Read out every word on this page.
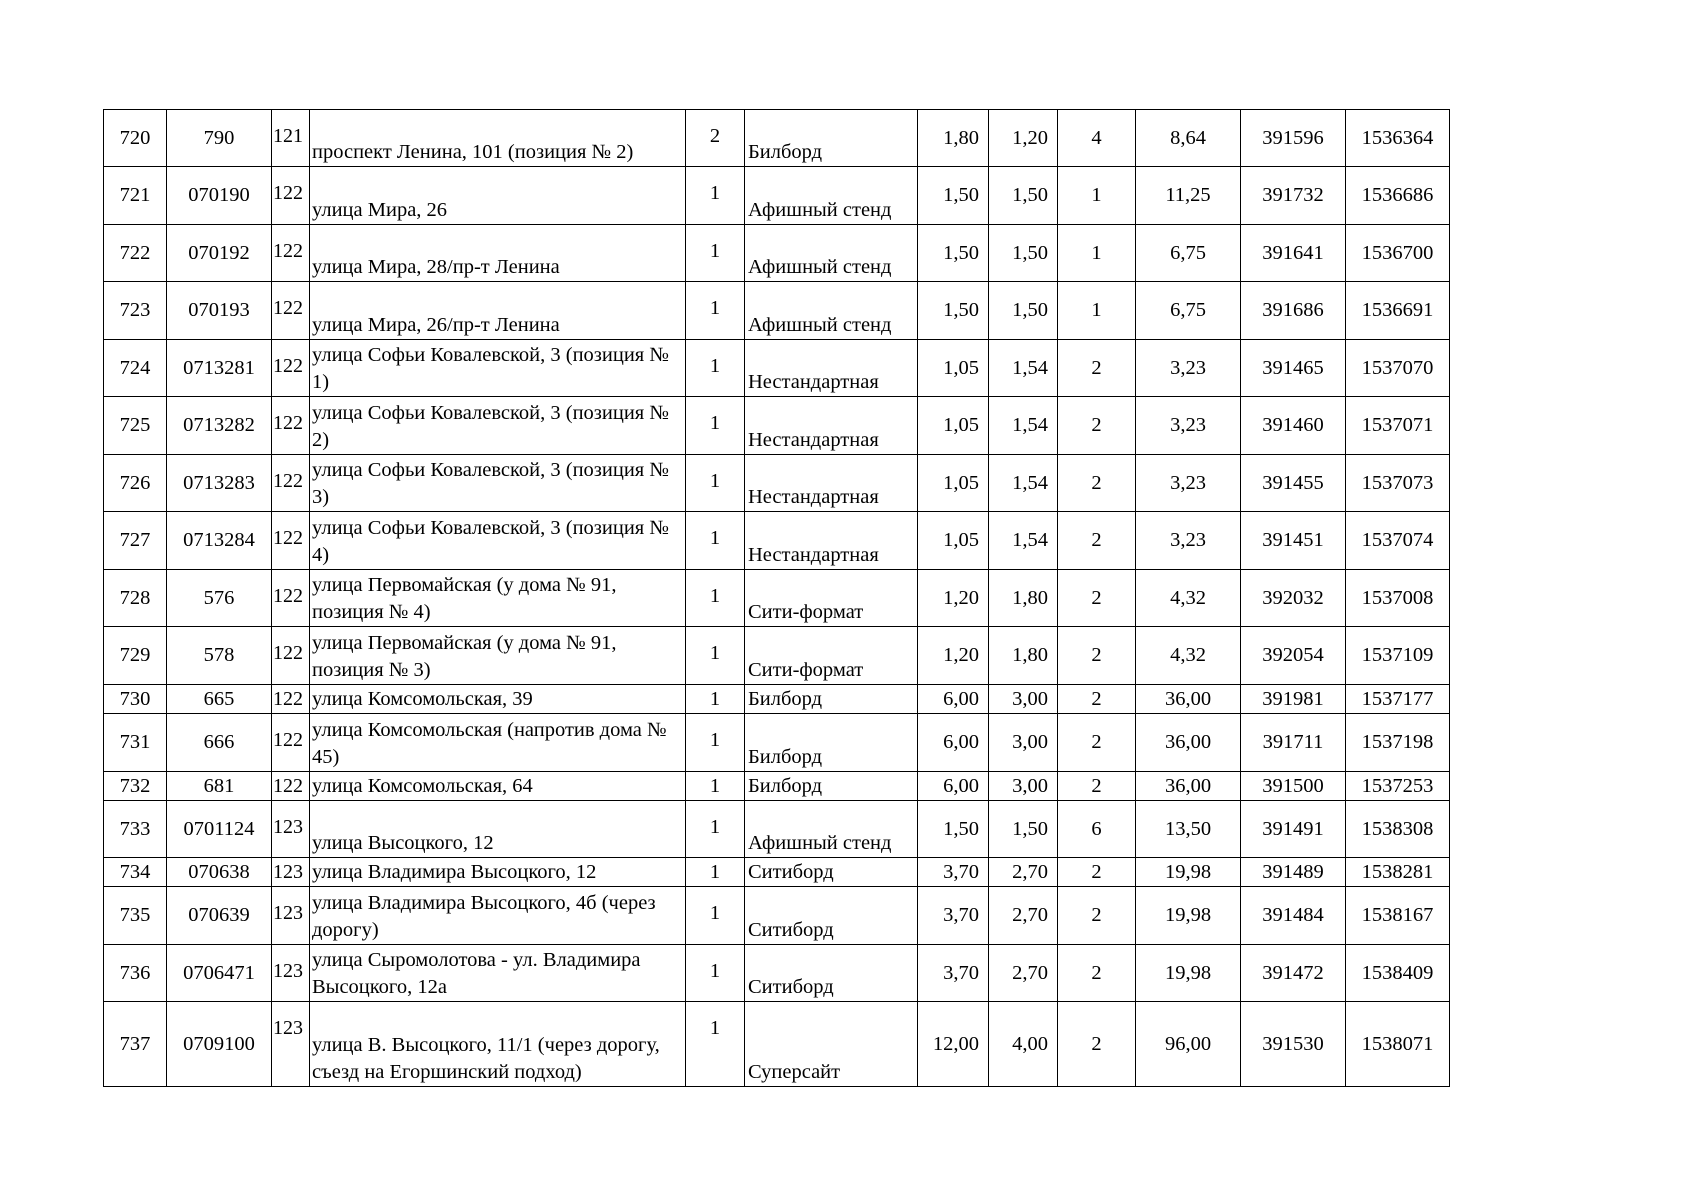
720	790	121	проспект Ленина, 101 (позиция № 2)	2	Билборд	1,80	1,20	4	8,64	391596	1536364
721	070190	122	улица Мира, 26	1	Афишный стенд	1,50	1,50	1	11,25	391732	1536686
722	070192	122	улица Мира, 28/пр-т Ленина	1	Афишный стенд	1,50	1,50	1	6,75	391641	1536700
723	070193	122	улица Мира, 26/пр-т Ленина	1	Афишный стенд	1,50	1,50	1	6,75	391686	1536691
724	0713281	122	улица Софьи Ковалевской, 3 (позиция № 1)	1	Нестандартная	1,05	1,54	2	3,23	391465	1537070
725	0713282	122	улица Софьи Ковалевской, 3 (позиция № 2)	1	Нестандартная	1,05	1,54	2	3,23	391460	1537071
726	0713283	122	улица Софьи Ковалевской, 3 (позиция № 3)	1	Нестандартная	1,05	1,54	2	3,23	391455	1537073
727	0713284	122	улица Софьи Ковалевской, 3 (позиция № 4)	1	Нестандартная	1,05	1,54	2	3,23	391451	1537074
728	576	122	улица Первомайская (у дома № 91, позиция № 4)	1	Сити-формат	1,20	1,80	2	4,32	392032	1537008
729	578	122	улица Первомайская (у дома № 91, позиция № 3)	1	Сити-формат	1,20	1,80	2	4,32	392054	1537109
730	665	122	улица Комсомольская, 39	1	Билборд	6,00	3,00	2	36,00	391981	1537177
731	666	122	улица Комсомольская (напротив дома № 45)	1	Билборд	6,00	3,00	2	36,00	391711	1537198
732	681	122	улица Комсомольская, 64	1	Билборд	6,00	3,00	2	36,00	391500	1537253
733	0701124	123	улица Высоцкого, 12	1	Афишный стенд	1,50	1,50	6	13,50	391491	1538308
734	070638	123	улица Владимира Высоцкого, 12	1	Ситиборд	3,70	2,70	2	19,98	391489	1538281
735	070639	123	улица Владимира Высоцкого, 4б (через дорогу)	1	Ситиборд	3,70	2,70	2	19,98	391484	1538167
736	0706471	123	улица Сыромолотова - ул. Владимира Высоцкого, 12а	1	Ситиборд	3,70	2,70	2	19,98	391472	1538409
737	0709100	123	улица В. Высоцкого, 11/1 (через дорогу, съезд на Егоршинский подход)	1	Суперсайт	12,00	4,00	2	96,00	391530	1538071
